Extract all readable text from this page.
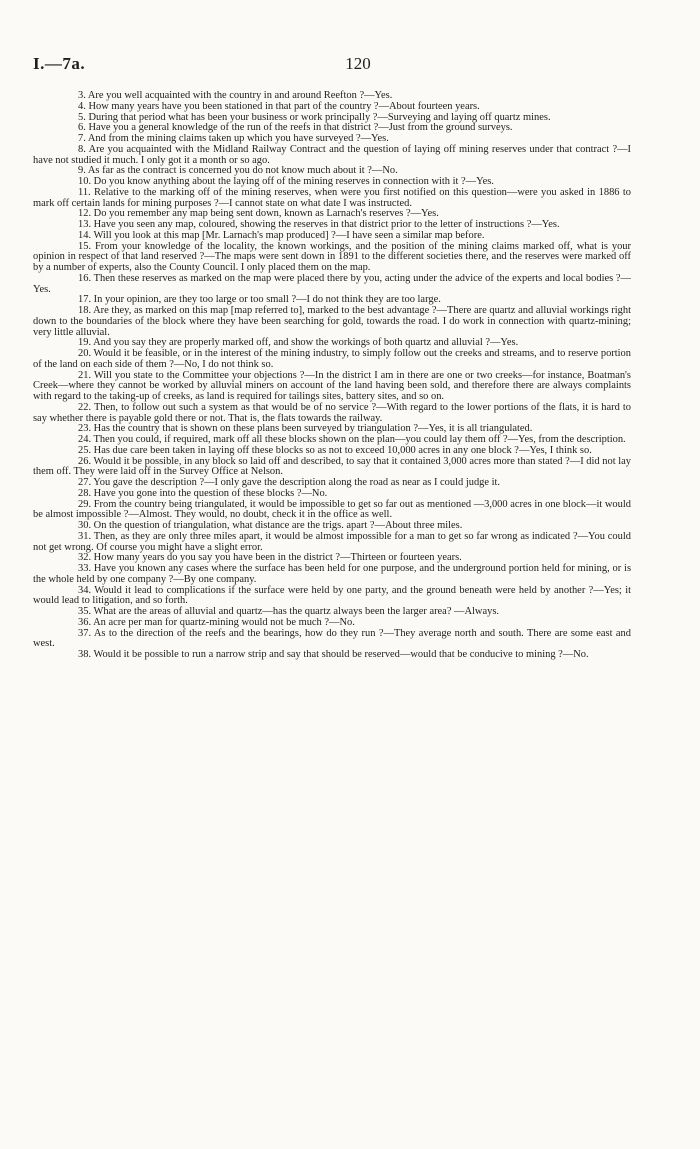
I.—7a.	120

3. Are you well acquainted with the country in and around Reefton ?—Yes.

4. How many years have you been stationed in that part of the country ?—About fourteen years.

5. During that period what has been your business or work principally ?—Surveying and laying off quartz mines.

6. Have you a general knowledge of the run of the reefs in that district ?—Just from the ground surveys.

7. And from the mining claims taken up which you have surveyed ?—Yes.

8. Are you acquainted with the Midland Railway Contract and the question of laying off mining reserves under that contract ?—I have not studied it much. I only got it a month or so ago.

9. As far as the contract is concerned you do not know much about it ?—No.

10. Do you know anything about the laying off of the mining reserves in connection with it ?—Yes.

11. Relative to the marking off of the mining reserves, when were you first notified on this question—were you asked in 1886 to mark off certain lands for mining purposes ?—I cannot state on what date I was instructed.

12. Do you remember any map being sent down, known as Larnach's reserves ?—Yes.

13. Have you seen any map, coloured, showing the reserves in that district prior to the letter of instructions ?—Yes.

14. Will you look at this map [Mr. Larnach's map produced] ?—I have seen a similar map before.

15. From your knowledge of the locality, the known workings, and the position of the mining claims marked off, what is your opinion in respect of that land reserved ?—The maps were sent down in 1891 to the different societies there, and the reserves were marked off by a number of experts, also the County Council. I only placed them on the map.

16. Then these reserves as marked on the map were placed there by you, acting under the advice of the experts and local bodies ?—Yes.

17. In your opinion, are they too large or too small ?—I do not think they are too large.

18. Are they, as marked on this map [map referred to], marked to the best advantage ?—There are quartz and alluvial workings right down to the boundaries of the block where they have been searching for gold, towards the road. I do work in connection with quartz-mining; very little alluvial.

19. And you say they are properly marked off, and show the workings of both quartz and alluvial ?—Yes.

20. Would it be feasible, or in the interest of the mining industry, to simply follow out the creeks and streams, and to reserve portion of the land on each side of them ?—No, I do not think so.

21. Will you state to the Committee your objections ?—In the district I am in there are one or two creeks—for instance, Boatman's Creek—where they cannot be worked by alluvial miners on account of the land having been sold, and therefore there are always complaints with regard to the taking-up of creeks, as land is required for tailings sites, battery sites, and so on.

22. Then, to follow out such a system as that would be of no service ?—With regard to the lower portions of the flats, it is hard to say whether there is payable gold there or not. That is, the flats towards the railway.

23. Has the country that is shown on these plans been surveyed by triangulation ?—Yes, it is all triangulated.

24. Then you could, if required, mark off all these blocks shown on the plan—you could lay them off ?—Yes, from the description.

25. Has due care been taken in laying off these blocks so as not to exceed 10,000 acres in any one block ?—Yes, I think so.

26. Would it be possible, in any block so laid off and described, to say that it contained 3,000 acres more than stated ?—I did not lay them off. They were laid off in the Survey Office at Nelson.

27. You gave the description ?—I only gave the description along the road as near as I could judge it.

28. Have you gone into the question of these blocks ?—No.

29. From the country being triangulated, it would be impossible to get so far out as mentioned —3,000 acres in one block—it would be almost impossible ?—Almost. They would, no doubt, check it in the office as well.

30. On the question of triangulation, what distance are the trigs. apart ?—About three miles.

31. Then, as they are only three miles apart, it would be almost impossible for a man to get so far wrong as indicated ?—You could not get wrong. Of course you might have a slight error.

32. How many years do you say you have been in the district ?—Thirteen or fourteen years.

33. Have you known any cases where the surface has been held for one purpose, and the underground portion held for mining, or is the whole held by one company ?—By one company.

34. Would it lead to complications if the surface were held by one party, and the ground beneath were held by another ?—Yes; it would lead to litigation, and so forth.

35. What are the areas of alluvial and quartz—has the quartz always been the larger area? —Always.

36. An acre per man for quartz-mining would not be much ?—No.

37. As to the direction of the reefs and the bearings, how do they run ?—They average north and south. There are some east and west.

38. Would it be possible to run a narrow strip and say that should be reserved—would that be conducive to mining ?—No.
